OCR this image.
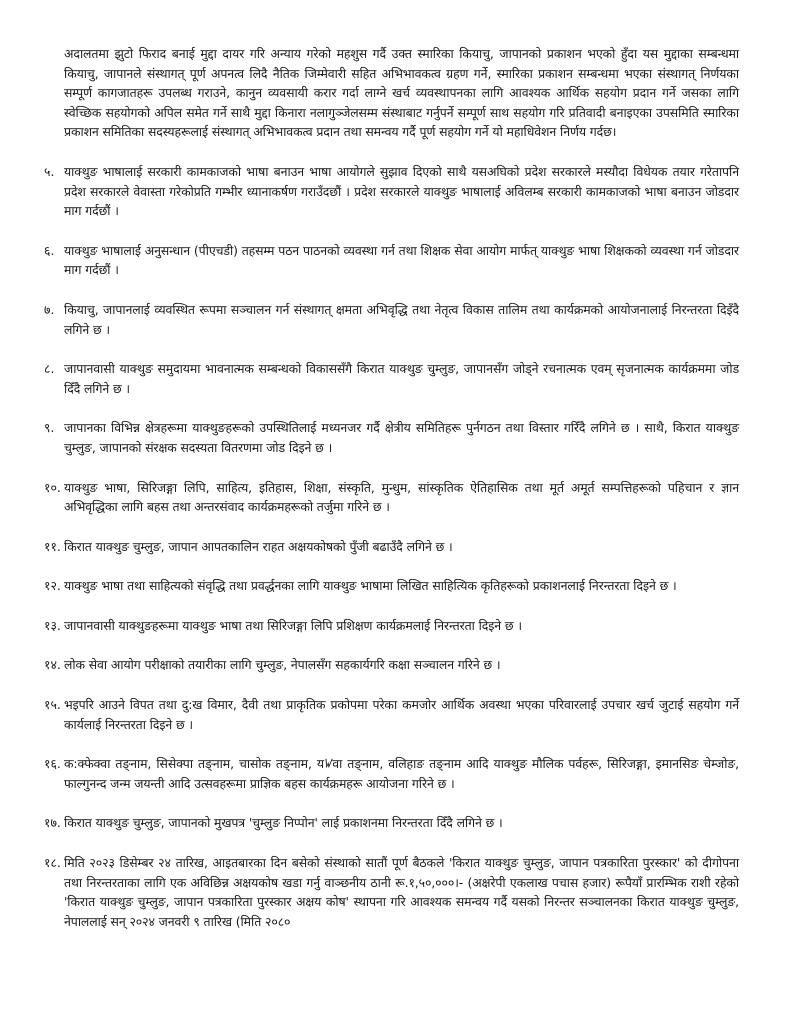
अदालतमा झुटो फिराद बनाई मुद्दा दायर गरि अन्याय गरेको महशुस गर्दै उक्त स्मारिका कियाचु, जापानको प्रकाशन भएको हुँदा यस मुद्दाका सम्बन्धमा कियाचु, जापानले संस्थागत् पूर्ण अपनत्व लिदै नैतिक जिम्मेवारी सहित अभिभावकत्व ग्रहण गर्ने, स्मारिका प्रकाशन सम्बन्धमा भएका संस्थागत् निर्णयका सम्पूर्ण कागजातहरू उपलब्ध गराउने, कानुन व्यवसायी करार गर्दा लाग्ने खर्च व्यवस्थापनका लागि आवश्यक आर्थिक सहयोग प्रदान गर्ने जसका लागि स्वेच्छिक सहयोगको अपिल समेत गर्ने साथै मुद्दा किनारा नलागुञ्जेलसम्म संस्थाबाट गर्नुपर्ने सम्पूर्ण साथ सहयोग गरि प्रतिवादी बनाइएका उपसमिति स्मारिका प्रकाशन समितिका सदस्यहरूलाई संस्थागत् अभिभावकत्व प्रदान तथा समन्वय गर्दै पूर्ण सहयोग गर्ने यो महाधिवेशन निर्णय गर्दछ।

५. याक्थुङ भाषालाई सरकारी कामकाजको भाषा बनाउन भाषा आयोगले सुझाव दिएको साथै यसअघिको प्रदेश सरकारले मस्यौदा विधेयक तयार गरेतापनि प्रदेश सरकारले वेवास्ता गरेकोप्रति गम्भीर ध्यानाकर्षण गराउँदछौं । प्रदेश सरकारले याक्थुङ भाषालाई अविलम्ब सरकारी कामकाजको भाषा बनाउन जोडदार माग गर्दछौं ।
६. याक्थुङ भाषालाई अनुसन्धान (पीएचडी) तहसम्म पठन पाठनको व्यवस्था गर्न तथा शिक्षक सेवा आयोग मार्फत् याक्थुङ भाषा शिक्षकको व्यवस्था गर्न जोडदार माग गर्दछौं ।
७. कियाचु, जापानलाई व्यवस्थित रूपमा सञ्चालन गर्न संस्थागत् क्षमता अभिवृद्धि तथा नेतृत्व विकास तालिम तथा कार्यक्रमको आयोजनालाई निरन्तरता दिइँदै लगिने छ ।
८. जापानवासी याक्थुङ समुदायमा भावनात्मक सम्बन्धको विकाससँगै किरात याक्थुङ चुम्लुङ, जापानसँग जोड्ने रचनात्मक एवम् सृजनात्मक कार्यक्रममा जोड दिँदै लगिने छ ।
९. जापानका विभिन्न क्षेत्रहरूमा याक्थुङहरूको उपस्थितिलाई मध्यनजर गर्दै क्षेत्रीय समितिहरू पुर्नगठन तथा विस्तार गरिँदै लगिने छ । साथै, किरात याक्थुङ चुम्लुङ, जापानको संरक्षक सदस्यता वितरणमा जोड दिइने छ ।
१०. याक्थुङ भाषा, सिरिजङ्गा लिपि, साहित्य, इतिहास, शिक्षा, संस्कृति, मुन्धुम, सांस्कृतिक ऐतिहासिक तथा मूर्त अमूर्त सम्पत्तिहरूको पहिचान र ज्ञान अभिवृद्धिका लागि बहस तथा अन्तरसंवाद कार्यक्रमहरूको तर्जुमा गरिने छ ।
११. किरात याक्थुङ चुम्लुङ, जापान आपतकालिन राहत अक्षयकोषको पुँजी बढाउँदै लगिने छ ।
१२. याक्थुङ भाषा तथा साहित्यको संवृद्धि तथा प्रवर्द्धनका लागि याक्थुङ भाषामा लिखित साहित्यिक कृतिहरूको प्रकाशनलाई निरन्तरता दिइने छ ।
१३. जापानवासी याक्थुङहरूमा याक्थुङ भाषा तथा सिरिजङ्गा लिपि प्रशिक्षण कार्यक्रमलाई निरन्तरता दिइने छ ।
१४. लोक सेवा आयोग परीक्षाको तयारीका लागि चुम्लुङ, नेपालसँग सहकार्यगरि कक्षा सञ्चालन गरिने छ ।
१५. भइपरि आउने विपत तथा दु:ख विमार, दैवी तथा प्राकृतिक प्रकोपमा परेका कमजोर आर्थिक अवस्था भएका परिवारलाई उपचार खर्च जुटाई सहयोग गर्ने कार्यलाई निरन्तरता दिइने छ ।
१६. क:क्फेक्वा तङ्नाम, सिसेक्पा तङ्नाम, चासोक तङ्नाम, यꤿवा तङ्नाम, वलिहाङ तङ्नाम आदि याक्थुङ मौलिक पर्वहरू, सिरिजङ्गा, इमानसिङ चेम्जोङ, फाल्गुनन्द जन्म जयन्ती आदि उत्सवहरूमा प्राज्ञिक बहस कार्यक्रमहरू आयोजना गरिने छ ।
१७. किरात याक्थुङ चुम्लुङ, जापानको मुखपत्र 'चुम्लुङ निप्पोन' लाई प्रकाशनमा निरन्तरता दिँदै लगिने छ ।
१८. मिति २०२३ डिसेम्बर २४ तारिख, आइतबारका दिन बसेको संस्थाको सातौं पूर्ण बैठकले 'किरात याक्थुङ चुम्लुङ, जापान पत्रकारिता पुरस्कार' को दीगोपना तथा निरन्तरताका लागि एक अविछिन्न अक्षयकोष खडा गर्नु वाञ्छनीय ठानी रू.१,५०,०००।- (अक्षरेपी एकलाख पचास हजार) रूपैयाँ प्रारम्भिक राशी रहेको 'किरात याक्थुङ चुम्लुङ, जापान पत्रकारिता पुरस्कार अक्षय कोष' स्थापना गरि आवश्यक समन्वय गर्दै यसको निरन्तर सञ्चालनका किरात याक्थुङ चुम्लुङ, नेपाललाई सन् २०२४ जनवरी ९ तारिख (मिति २०८०
